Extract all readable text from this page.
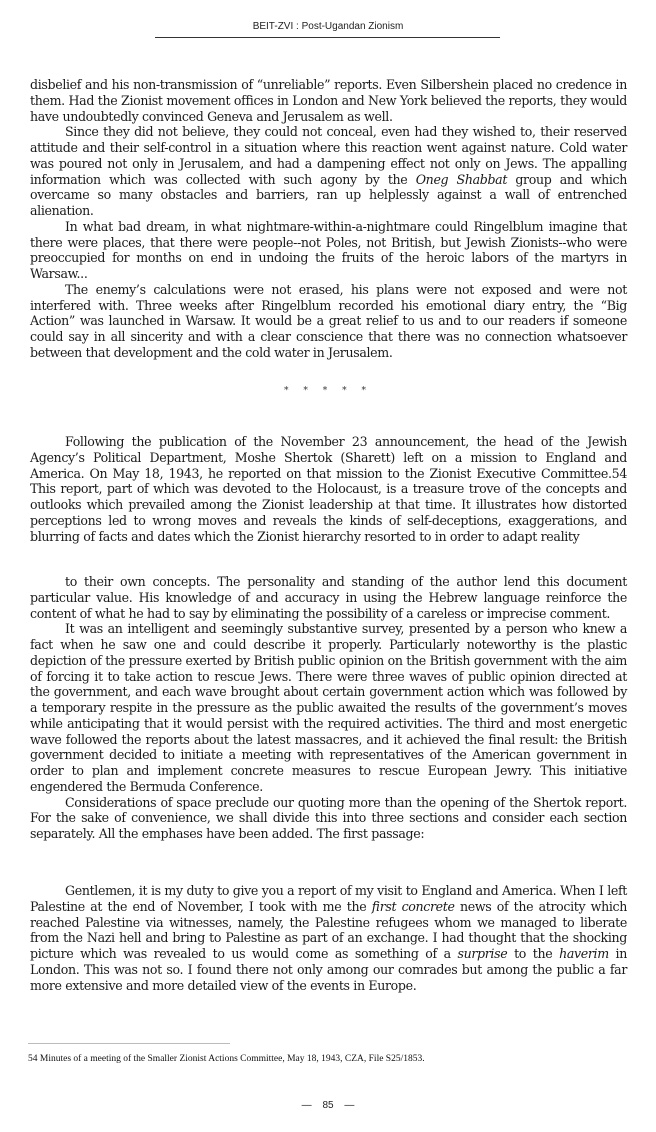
BEIT-ZVI : Post-Ugandan Zionism

disbelief and his non-transmission of “unreliable” reports. Even Silbershein placed no credence in them. Had the Zionist movement offices in London and New York believed the reports, they would have undoubtedly convinced Geneva and Jerusalem as well.

Since they did not believe, they could not conceal, even had they wished to, their reserved attitude and their self-control in a situation where this reaction went against nature. Cold water was poured not only in Jerusalem, and had a dampening effect not only on Jews. The appalling information which was collected with such agony by the Oneg Shabbat group and which overcame so many obstacles and barriers, ran up helplessly against a wall of entrenched alienation.

In what bad dream, in what nightmare-within-a-nightmare could Ringelblum imagine that there were places, that there were people--not Poles, not British, but Jewish Zionists--who were preoccupied for months on end in undoing the fruits of the heroic labors of the martyrs in Warsaw...

The enemy’s calculations were not erased, his plans were not exposed and were not interfered with. Three weeks after Ringelblum recorded his emotional diary entry, the “Big Action” was launched in Warsaw. It would be a great relief to us and to our readers if someone could say in all sincerity and with a clear conscience that there was no connection whatsoever between that development and the cold water in Jerusalem.

* * * * *

Following the publication of the November 23 announcement, the head of the Jewish Agency’s Political Department, Moshe Shertok (Sharett) left on a mission to England and America. On May 18, 1943, he reported on that mission to the Zionist Executive Committee.54 This report, part of which was devoted to the Holocaust, is a treasure trove of the concepts and outlooks which prevailed among the Zionist leadership at that time. It illustrates how distorted perceptions led to wrong moves and reveals the kinds of self-deceptions, exaggerations, and blurring of facts and dates which the Zionist hierarchy resorted to in order to adapt reality

to their own concepts. The personality and standing of the author lend this document particular value. His knowledge of and accuracy in using the Hebrew language reinforce the content of what he had to say by eliminating the possibility of a careless or imprecise comment.

It was an intelligent and seemingly substantive survey, presented by a person who knew a fact when he saw one and could describe it properly. Particularly noteworthy is the plastic depiction of the pressure exerted by British public opinion on the British government with the aim of forcing it to take action to rescue Jews. There were three waves of public opinion directed at the government, and each wave brought about certain government action which was followed by a temporary respite in the pressure as the public awaited the results of the government’s moves while anticipating that it would persist with the required activities. The third and most energetic wave followed the reports about the latest massacres, and it achieved the final result: the British government decided to initiate a meeting with representatives of the American government in order to plan and implement concrete measures to rescue European Jewry. This initiative engendered the Bermuda Conference.

Considerations of space preclude our quoting more than the opening of the Shertok report. For the sake of convenience, we shall divide this into three sections and consider each section separately. All the emphases have been added. The first passage:

Gentlemen, it is my duty to give you a report of my visit to England and America. When I left Palestine at the end of November, I took with me the first concrete news of the atrocity which reached Palestine via witnesses, namely, the Palestine refugees whom we managed to liberate from the Nazi hell and bring to Palestine as part of an exchange. I had thought that the shocking picture which was revealed to us would come as something of a surprise to the haverim in London. This was not so. I found there not only among our comrades but among the public a far more extensive and more detailed view of the events in Europe.

54 Minutes of a meeting of the Smaller Zionist Actions Committee, May 18, 1943, CZA, File S25/1853.
— 85 —
